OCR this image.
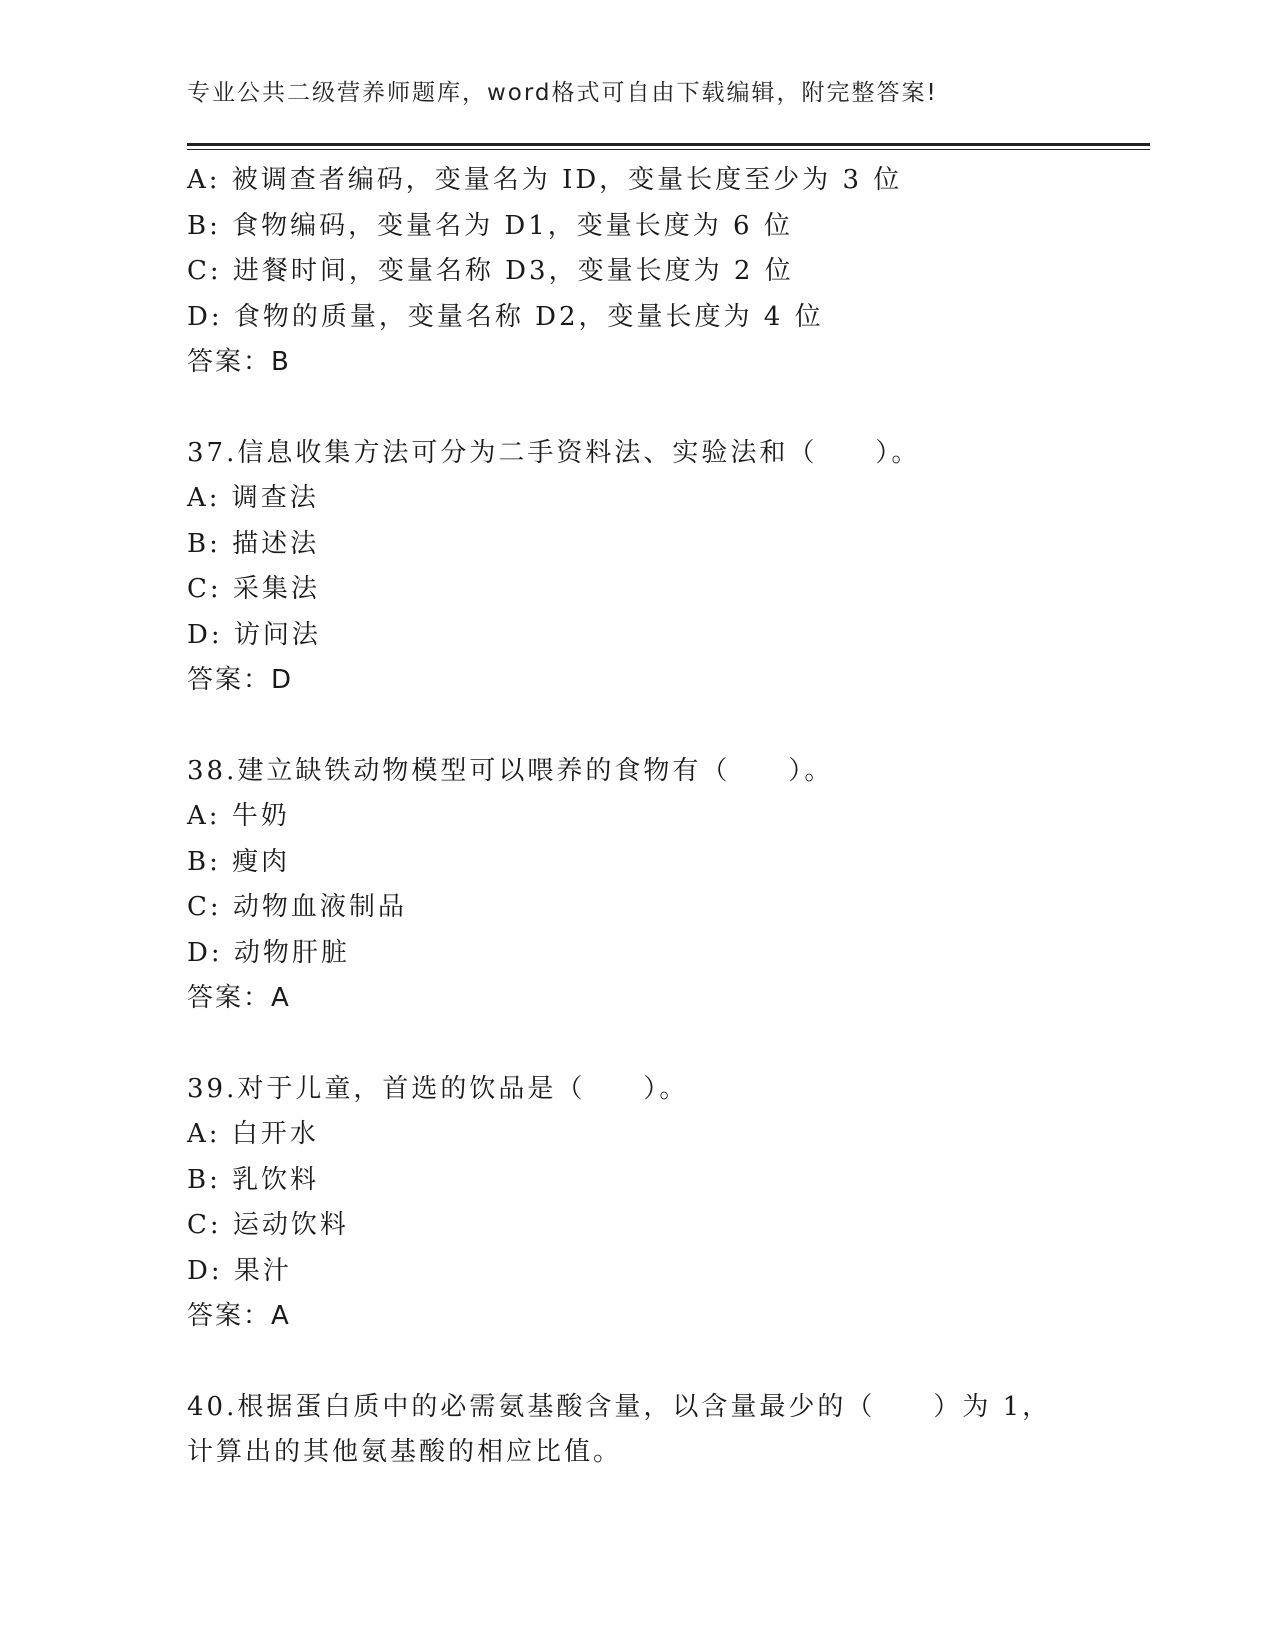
专业公共二级营养师题库，word格式可自由下载编辑，附完整答案!
A: 被调查者编码，变量名为 ID，变量长度至少为 3 位
B: 食物编码，变量名为 D1，变量长度为 6 位
C: 进餐时间，变量名称 D3，变量长度为 2 位
D: 食物的质量，变量名称 D2，变量长度为 4 位
答案：B
37.信息收集方法可分为二手资料法、实验法和（　　）。
A: 调查法
B: 描述法
C: 采集法
D: 访问法
答案：D
38.建立缺铁动物模型可以喂养的食物有（　　）。
A: 牛奶
B: 瘦肉
C: 动物血液制品
D: 动物肝脏
答案：A
39.对于儿童，首选的饮品是（　　）。
A: 白开水
B: 乳饮料
C: 运动饮料
D: 果汁
答案：A
40.根据蛋白质中的必需氨基酸含量，以含量最少的（　　）为 1，计算出的其他氨基酸的相应比值。
